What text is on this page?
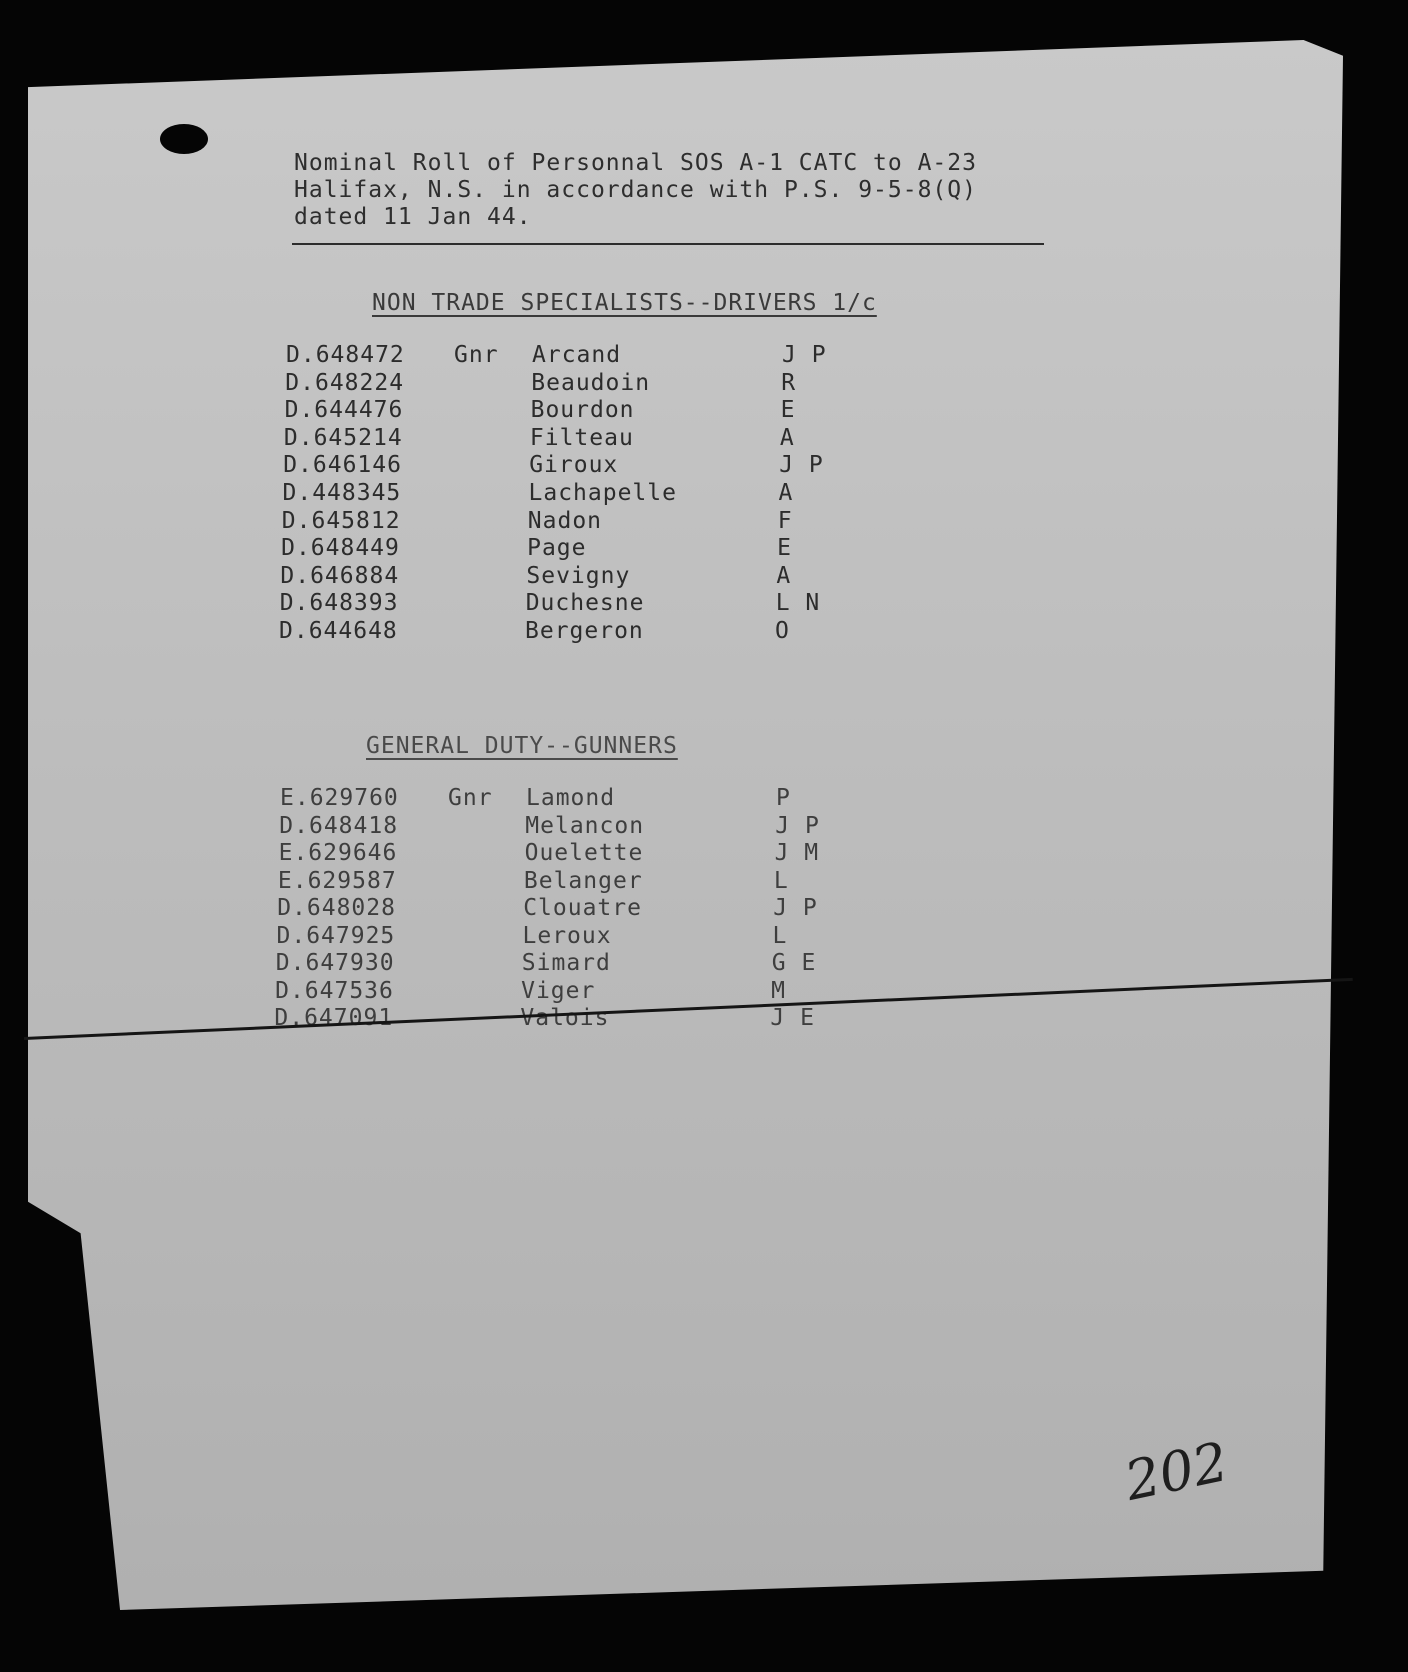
Nominal Roll of Personnal SOS A-1 CATC to A-23
Halifax, N.S. in accordance with P.S. 9-5-8(Q)
dated 11 Jan 44.
NON TRADE SPECIALISTS--DRIVERS 1/c
D.648472 Gnr Arcand	J P
D.648224	Beaudoin	R
D.644476	Bourdon	E
D.645214	Filteau	A
D.646146	Giroux	J P
D.448345	Lachapelle	A
D.645812	Nadon	F
D.648449	Page	E
D.646884	Sevigny	A
D.648393	Duchesne	L N
D.644648	Bergeron	O
GENERAL DUTY--GUNNERS
E.629760 Gnr Lamond	P
D.648418	Melancon	J P
E.629646	Ouelette	J M
E.629587	Belanger	L
D.648028	Clouatre	J P
D.647925	Leroux	L
D.647930	Simard	G E
D.647536	Viger	M
D.647091	Valois	J E
202
